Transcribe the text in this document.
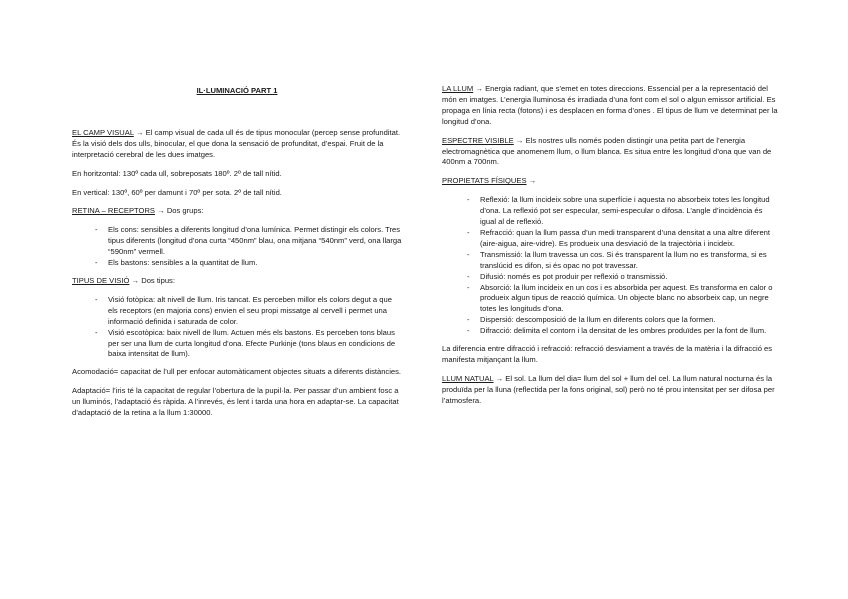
IL·LUMINACIÓ PART 1

EL CAMP VISUAL → El camp visual de cada ull és de tipus monocular (percep sense profunditat. És la visió dels dos ulls, binocular, el que dona la sensació de profunditat, d’espai. Fruit de la interpretació cerebral de les dues imatges.

En horitzontal: 130º cada ull, sobreposats 180º. 2º de tall nítid.

En vertical: 130º, 60º per damunt i 70º per sota. 2º de tall nítid.

RETINA – RECEPTORS → Dos grups:

- Els cons: sensibles a diferents longitud d’ona lumínica. Permet distingir els colors. Tres tipus diferents (longitud d’ona curta “450nm” blau, ona mitjana “540nm” verd, ona llarga “590nm” vermell.
- Els bastons: sensibles a la quantitat de llum.

TIPUS DE VISIÓ → Dos tipus:

- Visió fotòpica: alt nivell de llum. Iris tancat. Es perceben millor els colors degut a que els receptors (en majoria cons) envien el seu propi missatge al cervell i permet una informació definida i saturada de color.
- Visió escotòpica: baix nivell de llum. Actuen més els bastons. Es perceben tons blaus per ser una llum de curta longitud d’ona. Efecte Purkinje (tons blaus en condicions de baixa intensitat de llum).

Acomodació= capacitat de l’ull per enfocar automàticament objectes situats a diferents distàncies.

Adaptació= l’iris té la capacitat de regular l’obertura de la pupil·la. Per passar d’un ambient fosc a un lluminós, l’adaptació és ràpida. A l’inrevés, és lent i tarda una hora en adaptar-se. La capacitat d’adaptació de la retina a la llum 1:30000.

LA LLUM → Energia radiant, que s’emet en totes direccions. Essencial per a la representació del món en imatges. L’energia lluminosa és irradiada d’una font com el sol o algun emissor artificial. Es propaga en línia recta (fotons) i es desplacen en forma d’ones . El tipus de llum ve determinat per la longitud d’ona.

ESPECTRE VISIBLE → Els nostres ulls només poden distingir una petita part de l’energia electromagnètica que anomenem llum, o llum blanca. Es situa entre les longitud d’ona que van de 400nm a 700nm.

PROPIETATS FÍSIQUES →

- Reflexió: la llum incideix sobre una superfície i aquesta no absorbeix totes les longitud d’ona. La reflexió pot ser especular, semi-especular o difosa. L’angle d’incidència és igual al de reflexió.
- Refracció: quan la llum passa d’un medi transparent d’una densitat a una altre diferent (aire-aigua, aire-vidre). Es produeix una desviació de la trajectòria i incideix.
- Transmissió: la llum travessa un cos. Si és transparent la llum no es transforma, si es translúcid es difon, si és opac no pot travessar.
- Difusió: només es pot produir per reflexió o transmissió.
- Absorció: la llum incideix en un cos i es absorbida per aquest. Es transforma en calor o produeix algun tipus de reacció química. Un objecte blanc no absorbeix cap, un negre totes les longituds d’ona.
- Dispersió: descomposició de la llum en diferents colors que la formen.
- Difracció: delimita el contorn i la densitat de les ombres produïdes per la font de llum.

La diferencia entre difracció i refracció: refracció desviament a través de la matèria i la difracció es manifesta mitjançant la llum.

LLUM NATUAL → El sol. La llum del dia= llum del sol + llum del cel. La llum natural nocturna és la produïda per la lluna (reflectida per la fons original, sol) però no té prou intensitat per ser difosa per l’atmosfera.
